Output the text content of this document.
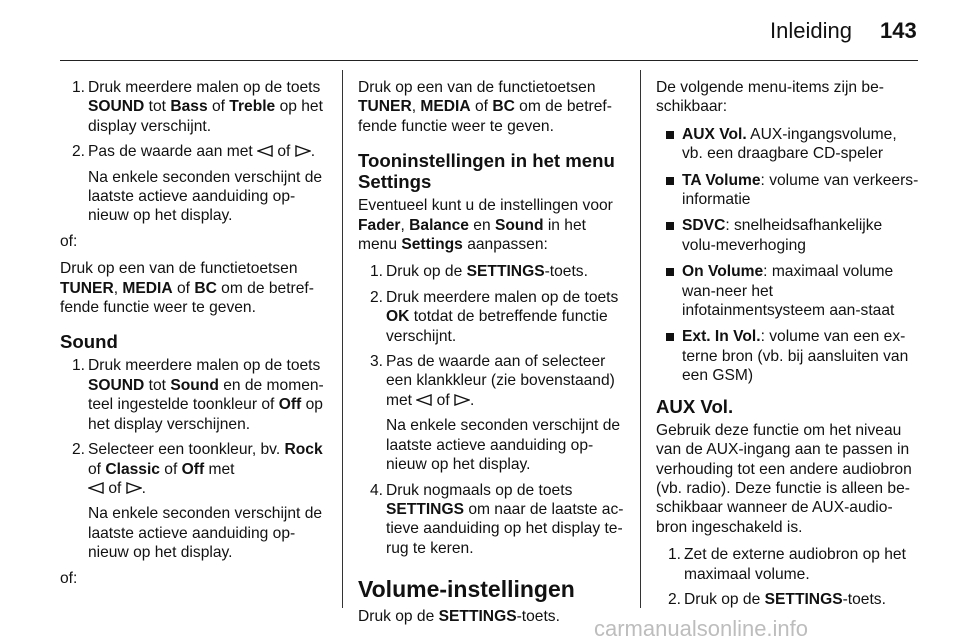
Inleiding 143
1. Druk meerdere malen op de toets SOUND tot Bass of Treble op het display verschijnt.
2. Pas de waarde aan met  of .
Na enkele seconden verschijnt de laatste actieve aanduiding op-nieuw op het display.

of:

Druk op een van de functietoetsen TUNER, MEDIA of BC om de betref-fende functie weer te geven.

Sound
1. Druk meerdere malen op de toets SOUND tot Sound en de momen-teel ingestelde toonkleur of Off op het display verschijnen.
2. Selecteer een toonkleur, bv. Rock of Classic of Off met
of .
Na enkele seconden verschijnt de laatste actieve aanduiding op-nieuw op het display.

of:

Druk op een van de functietoetsen TUNER, MEDIA of BC om de betref-fende functie weer te geven.

Tooninstellingen in het menu Settings

Eventueel kunt u de instellingen voor Fader, Balance en Sound in het menu Settings aanpassen:

1. Druk op de SETTINGS-toets.
2. Druk meerdere malen op de toets OK totdat de betreffende functie verschijnt.
3. Pas de waarde aan of selecteer een klankkleur (zie bovenstaand) met  of .
Na enkele seconden verschijnt de laatste actieve aanduiding op-nieuw op het display.
4. Druk nogmaals op de toets SETTINGS om naar de laatste ac-tieve aanduiding op het display te-rug te keren.
Volume-instellingen

Druk op de SETTINGS-toets.

De volgende menu-items zijn be-schikbaar:

AUX Vol. AUX-ingangsvolume, vb. een draagbare CD-speler
TA Volume: volume van verkeers-informatie
SDVC: snelheidsafhankelijke volu-meverhoging
On Volume: maximaal volume wan-neer het infotainmentsysteem aan-staat
Ext. In Vol.: volume van een ex-terne bron (vb. bij aansluiten van een GSM)
AUX Vol.

Gebruik deze functie om het niveau van de AUX-ingang aan te passen in verhouding tot een andere audiobron (vb. radio). Deze functie is alleen be-schikbaar wanneer de AUX-audio-bron ingeschakeld is.

1. Zet de externe audiobron op het maximaal volume.
2. Druk op de SETTINGS-toets.
carmanualsonline.info
